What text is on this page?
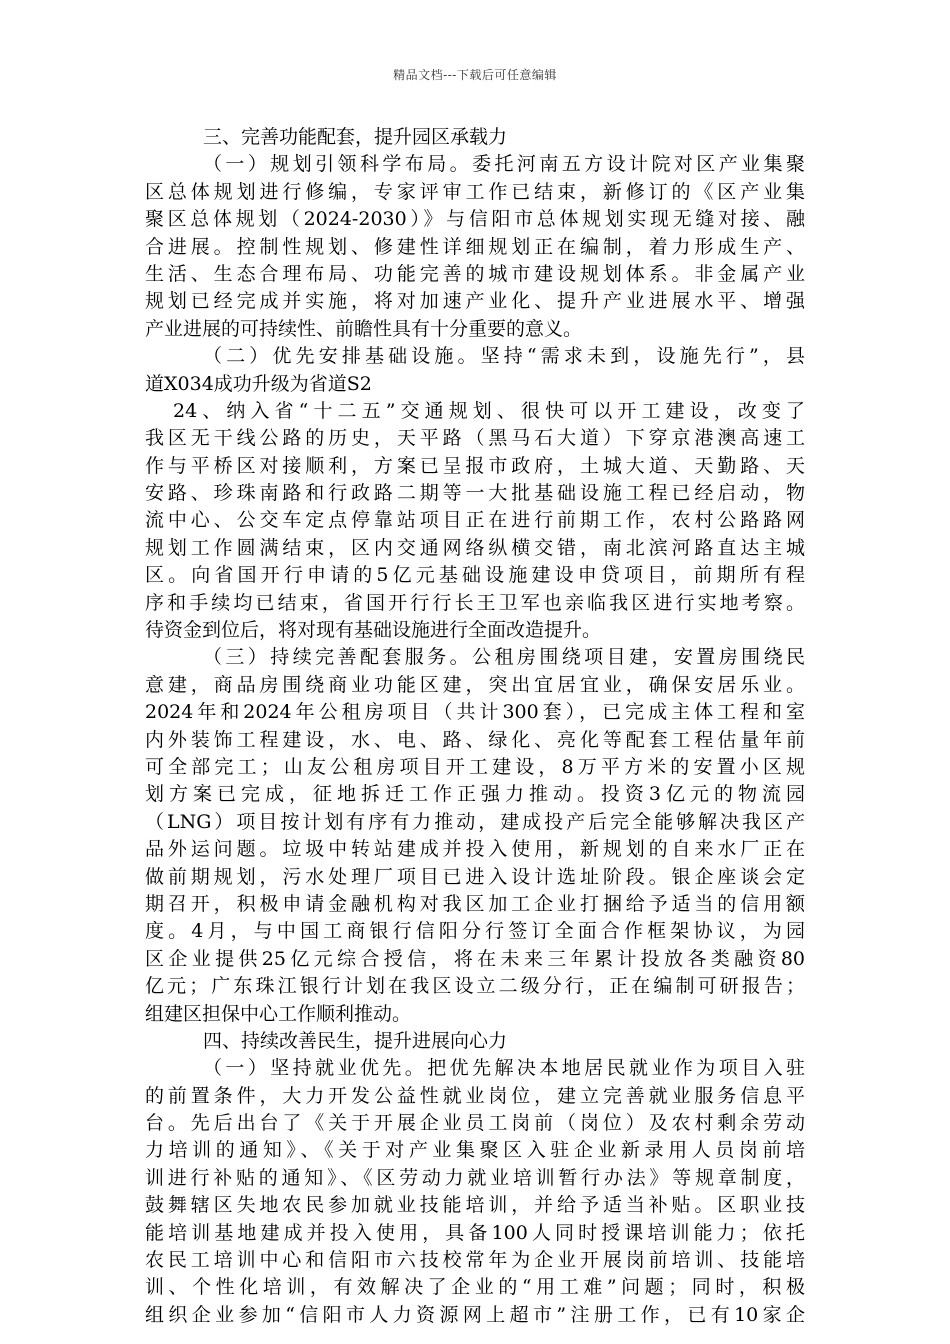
精品文档---下载后可任意编辑
三、完善功能配套，提升园区承载力
（一）规划引领科学布局。委托河南五方设计院对区产业集聚
区总体规划进行修编，专家评审工作已结束，新修订的《区产业集
聚区总体规划（2024-2030）》与信阳市总体规划实现无缝对接、融
合进展。控制性规划、修建性详细规划正在编制，着力形成生产、
生活、生态合理布局、功能完善的城市建设规划体系。非金属产业
规划已经完成并实施，将对加速产业化、提升产业进展水平、增强
产业进展的可持续性、前瞻性具有十分重要的意义。
（二）优先安排基础设施。坚持“需求未到，设施先行”，县
道X034成功升级为省道S2
24、纳入省“十二五”交通规划、很快可以开工建设，改变了
我区无干线公路的历史，天平路（黑马石大道）下穿京港澳高速工
作与平桥区对接顺利，方案已呈报市政府，土城大道、天勤路、天
安路、珍珠南路和行政路二期等一大批基础设施工程已经启动，物
流中心、公交车定点停靠站项目正在进行前期工作，农村公路路网
规划工作圆满结束，区内交通网络纵横交错，南北滨河路直达主城
区。向省国开行申请的5亿元基础设施建设申贷项目，前期所有程
序和手续均已结束，省国开行行长王卫军也亲临我区进行实地考察。
待资金到位后，将对现有基础设施进行全面改造提升。
（三）持续完善配套服务。公租房围绕项目建，安置房围绕民
意建，商品房围绕商业功能区建，突出宜居宜业，确保安居乐业。
2024年和2024年公租房项目（共计300套），已完成主体工程和室
内外装饰工程建设，水、电、路、绿化、亮化等配套工程估量年前
可全部完工；山友公租房项目开工建设，8万平方米的安置小区规
划方案已完成，征地拆迁工作正强力推动。投资3亿元的物流园
（LNG）项目按计划有序有力推动，建成投产后完全能够解决我区产
品外运问题。垃圾中转站建成并投入使用，新规划的自来水厂正在
做前期规划，污水处理厂项目已进入设计选址阶段。银企座谈会定
期召开，积极申请金融机构对我区加工企业打捆给予适当的信用额
度。4月，与中国工商银行信阳分行签订全面合作框架协议，为园
区企业提供25亿元综合授信，将在未来三年累计投放各类融资80
亿元；广东珠江银行计划在我区设立二级分行，正在编制可研报告；
组建区担保中心工作顺利推动。
四、持续改善民生，提升进展向心力
（一）坚持就业优先。把优先解决本地居民就业作为项目入驻
的前置条件，大力开发公益性就业岗位，建立完善就业服务信息平
台。先后出台了《关于开展企业员工岗前（岗位）及农村剩余劳动
力培训的通知》、《关于对产业集聚区入驻企业新录用人员岗前培
训进行补贴的通知》、《区劳动力就业培训暂行办法》等规章制度，
鼓舞辖区失地农民参加就业技能培训，并给予适当补贴。区职业技
能培训基地建成并投入使用，具备100人同时授课培训能力；依托
农民工培训中心和信阳市六技校常年为企业开展岗前培训、技能培
训、个性化培训，有效解决了企业的“用工难”问题；同时，积极
组织企业参加“信阳市人力资源网上超市”注册工作，已有10家企
